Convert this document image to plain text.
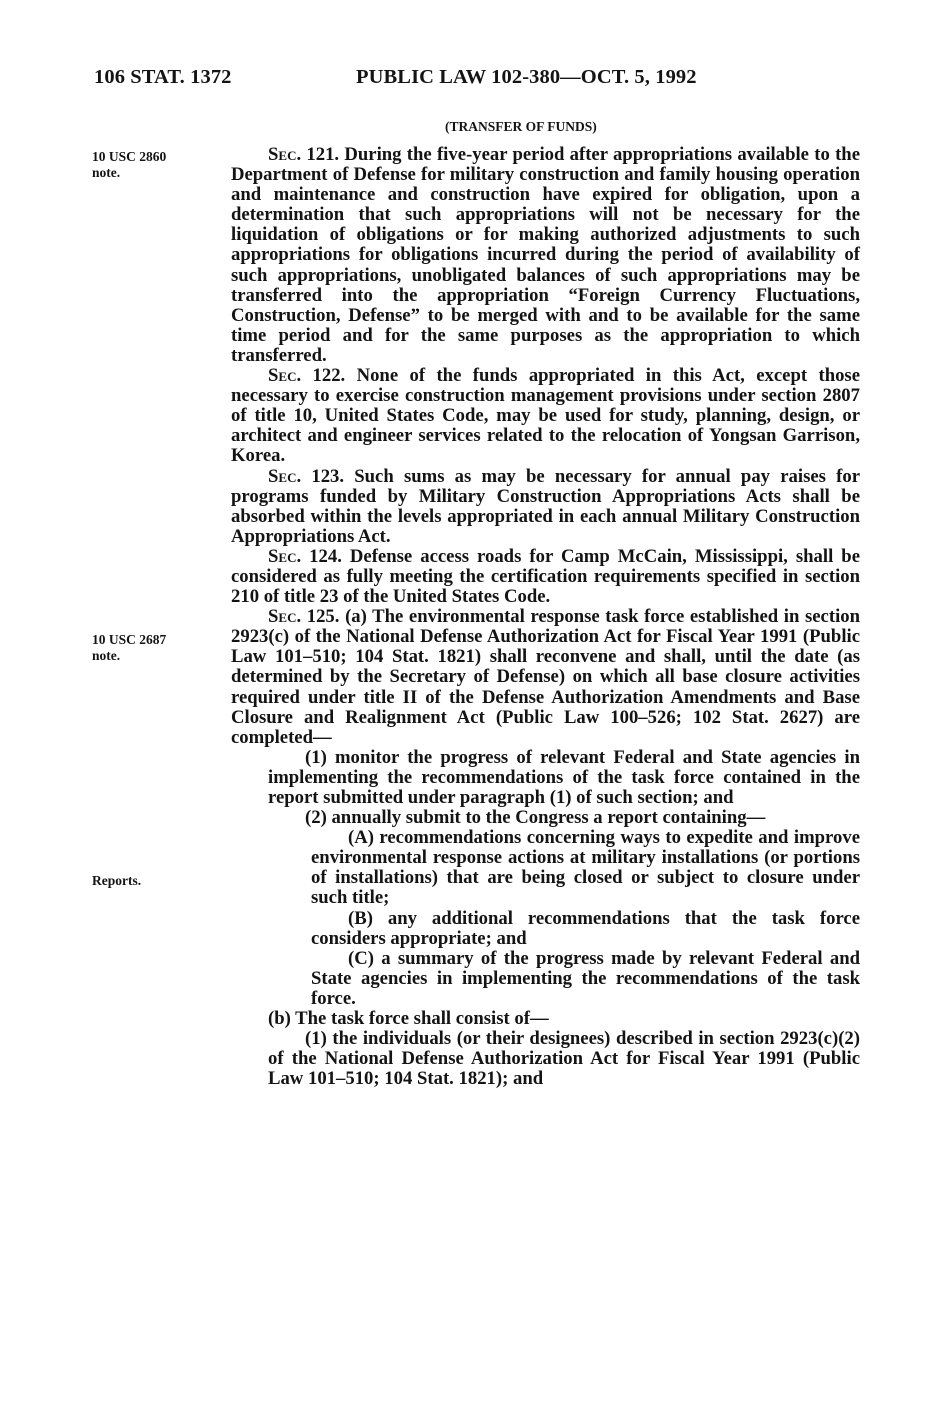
106 STAT. 1372	PUBLIC LAW 102-380—OCT. 5, 1992
(TRANSFER OF FUNDS)
10 USC 2860
note.
10 USC 2687
note.
Reports.

Sec. 121. During the five-year period after appropriations available to the Department of Defense for military construction and family housing operation and maintenance and construction have expired for obligation, upon a determination that such appropriations will not be necessary for the liquidation of obligations or for making authorized adjustments to such appropriations for obligations incurred during the period of availability of such appropriations, unobligated balances of such appropriations may be transferred into the appropriation “Foreign Currency Fluctuations, Construction, Defense” to be merged with and to be available for the same time period and for the same purposes as the appropriation to which transferred.

Sec. 122. None of the funds appropriated in this Act, except those necessary to exercise construction management provisions under section 2807 of title 10, United States Code, may be used for study, planning, design, or architect and engineer services related to the relocation of Yongsan Garrison, Korea.

Sec. 123. Such sums as may be necessary for annual pay raises for programs funded by Military Construction Appropriations Acts shall be absorbed within the levels appropriated in each annual Military Construction Appropriations Act.

Sec. 124. Defense access roads for Camp McCain, Mississippi, shall be considered as fully meeting the certification requirements specified in section 210 of title 23 of the United States Code.

Sec. 125. (a) The environmental response task force established in section 2923(c) of the National Defense Authorization Act for Fiscal Year 1991 (Public Law 101–510; 104 Stat. 1821) shall reconvene and shall, until the date (as determined by the Secretary of Defense) on which all base closure activities required under title II of the Defense Authorization Amendments and Base Closure and Realignment Act (Public Law 100–526; 102 Stat. 2627) are completed—

(1) monitor the progress of relevant Federal and State agencies in implementing the recommendations of the task force contained in the report submitted under paragraph (1) of such section; and

(2) annually submit to the Congress a report containing—

(A) recommendations concerning ways to expedite and improve environmental response actions at military installations (or portions of installations) that are being closed or subject to closure under such title;

(B) any additional recommendations that the task force considers appropriate; and

(C) a summary of the progress made by relevant Federal and State agencies in implementing the recommendations of the task force.

(b) The task force shall consist of—

(1) the individuals (or their designees) described in section 2923(c)(2) of the National Defense Authorization Act for Fiscal Year 1991 (Public Law 101–510; 104 Stat. 1821); and
